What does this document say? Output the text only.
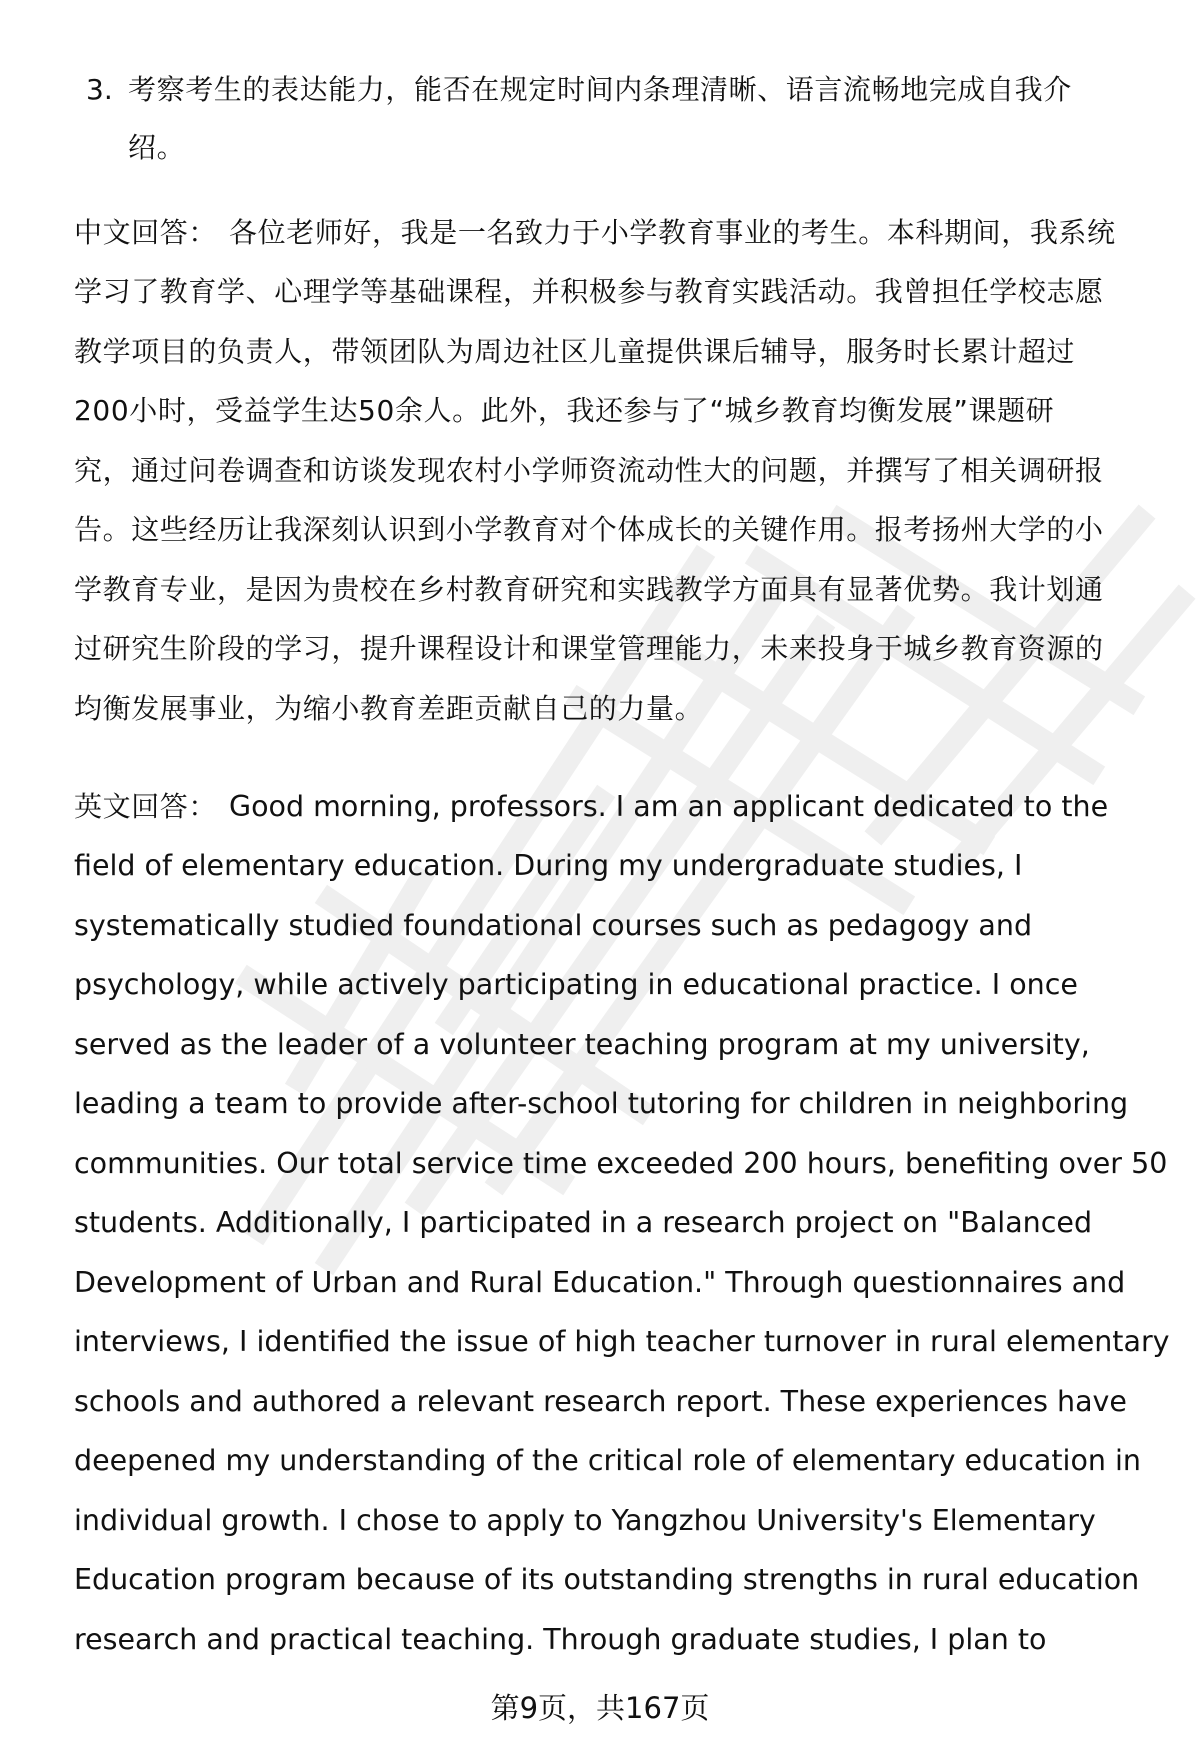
3. 考察考生的表达能力，能否在规定时间内条理清晰、语言流畅地完成自我介
绍。
中文回答： 各位老师好，我是一名致力于小学教育事业的考生。本科期间，我系统
学习了教育学、心理学等基础课程，并积极参与教育实践活动。我曾担任学校志愿
教学项目的负责人，带领团队为周边社区儿童提供课后辅导，服务时长累计超过
200小时，受益学生达50余人。此外，我还参与了“城乡教育均衡发展”课题研
究，通过问卷调查和访谈发现农村小学师资流动性大的问题，并撰写了相关调研报
告。这些经历让我深刻认识到小学教育对个体成长的关键作用。报考扬州大学的小
学教育专业，是因为贵校在乡村教育研究和实践教学方面具有显著优势。我计划通
过研究生阶段的学习，提升课程设计和课堂管理能力，未来投身于城乡教育资源的
均衡发展事业，为缩小教育差距贡献自己的力量。
英文回答： Good morning, professors. I am an applicant dedicated to the
field of elementary education. During my undergraduate studies, I
systematically studied foundational courses such as pedagogy and
psychology, while actively participating in educational practice. I once
served as the leader of a volunteer teaching program at my university,
leading a team to provide after-school tutoring for children in neighboring
communities. Our total service time exceeded 200 hours, benefiting over 50
students. Additionally, I participated in a research project on "Balanced
Development of Urban and Rural Education." Through questionnaires and
interviews, I identified the issue of high teacher turnover in rural elementary
schools and authored a relevant research report. These experiences have
deepened my understanding of the critical role of elementary education in
individual growth. I chose to apply to Yangzhou University's Elementary
Education program because of its outstanding strengths in rural education
research and practical teaching. Through graduate studies, I plan to
第9页，共167页
